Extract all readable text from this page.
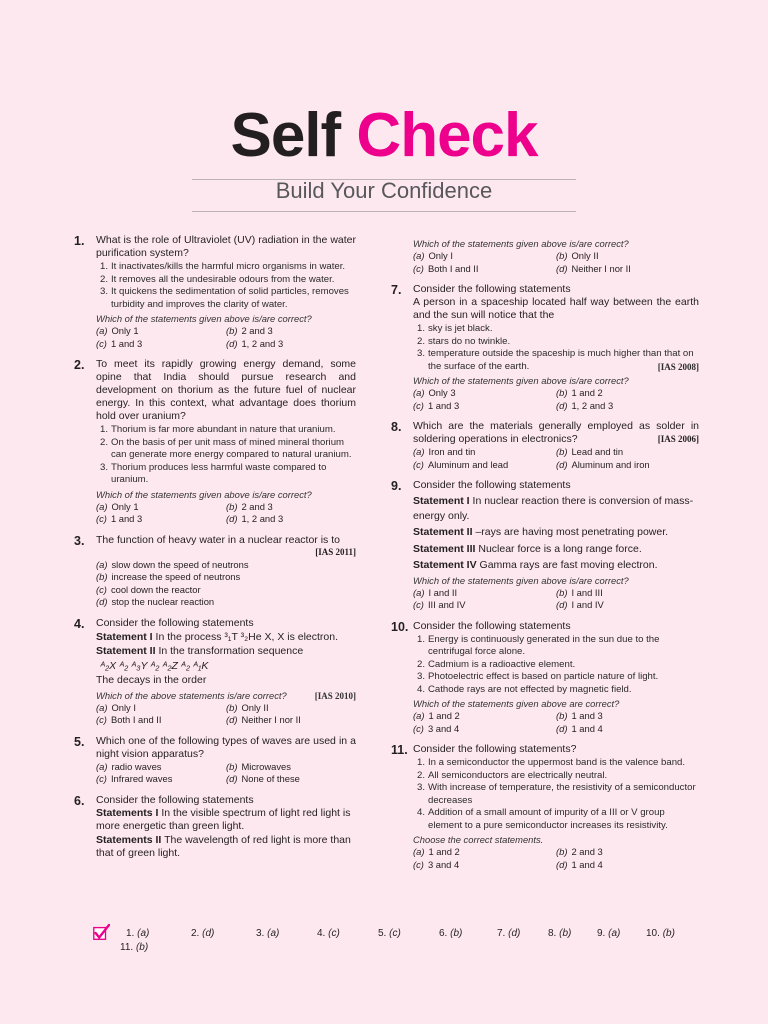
Self Check
Build Your Confidence
1. What is the role of Ultraviolet (UV) radiation in the water purification system?
1. It inactivates/kills the harmful micro organisms in water.
2. It removes all the undesirable odours from the water.
3. It quickens the sedimentation of solid particles, removes turbidity and improves the clarity of water.
Which of the statements given above is/are correct?
(a) Only 1	(b) 2 and 3
(c) 1 and 3	(d) 1, 2 and 3
2. To meet its rapidly growing energy demand, some opine that India should pursue research and development on thorium as the future fuel of nuclear energy. In this context, what advantage does thorium hold over uranium?
1. Thorium is far more abundant in nature that uranium.
2. On the basis of per unit mass of mined mineral thorium can generate more energy compared to natural uranium.
3. Thorium produces less harmful waste compared to uranium.
Which of the statements given above is/are correct?
(a) Only 1	(b) 2 and 3
(c) 1 and 3	(d) 1, 2 and 3
3. The function of heavy water in a nuclear reactor is to
[IAS 2011]
(a) slow down the speed of neutrons
(b) increase the speed of neutrons
(c) cool down the reactor
(d) stop the nuclear reaction
4. Consider the following statements
Statement I In the process ³₁T ³₂He X, X is electron.
Statement II In the transformation sequence
ᴬ₂X ᴬ₂ ᴬ₃Y ᴬ₂ ᴬ₂Z ᴬ₂ ᴬ₁K
The decays in the order
Which of the above statements is/are correct?	[IAS 2010]
(a) Only I	(b) Only II
(c) Both I and II	(d) Neither I nor II
5. Which one of the following types of waves are used in a night vision apparatus?
(a) radio waves	(b) Microwaves
(c) Infrared waves	(d) None of these
6. Consider the following statements
Statements I In the visible spectrum of light red light is more energetic than green light.
Statements II The wavelength of red light is more than that of green light.
Which of the statements given above is/are correct?
(a) Only I	(b) Only II
(c) Both I and II	(d) Neither I nor II
7. Consider the following statements
A person in a spaceship located half way between the earth and the sun will notice that the
1. sky is jet black.
2. stars do no twinkle.
3. temperature outside the spaceship is much higher than that on the surface of the earth.	[IAS 2008]
Which of the statements given above is/are correct?
(a) Only 3	(b) 1 and 2
(c) 1 and 3	(d) 1, 2 and 3
8. Which are the materials generally employed as solder in soldering operations in electronics?	[IAS 2006]
(a) Iron and tin	(b) Lead and tin
(c) Aluminum and lead	(d) Aluminum and iron
9. Consider the following statements
Statement I In nuclear reaction there is conversion of mass-energy only.
Statement II –rays are having most penetrating power.
Statement III Nuclear force is a long range force.
Statement IV Gamma rays are fast moving electron.
Which of the statements given above is/are correct?
(a) I and II	(b) I and III
(c) III and IV	(d) I and IV
10. Consider the following statements
1. Energy is continuously generated in the sun due to the centrifugal force alone.
2. Cadmium is a radioactive element.
3. Photoelectric effect is based on particle nature of light.
4. Cathode rays are not effected by magnetic field.
Which of the statements given above are correct?
(a) 1 and 2	(b) 1 and 3
(c) 3 and 4	(d) 1 and 4
11. Consider the following statements?
1. In a semiconductor the uppermost band is the valence band.
2. All semiconductors are electrically neutral.
3. With increase of temperature, the resistivity of a semiconductor decreases
4. Addition of a small amount of impurity of a III or V group element to a pure semiconductor increases its resistivity.
Choose the correct statements.
(a) 1 and 2	(b) 2 and 3
(c) 3 and 4	(d) 1 and 4
1. (a)	2. (d)	3. (a)	4. (c)	5. (c)	6. (b)	7. (d)	8. (b)	9. (a)	10. (b)
11. (b)
